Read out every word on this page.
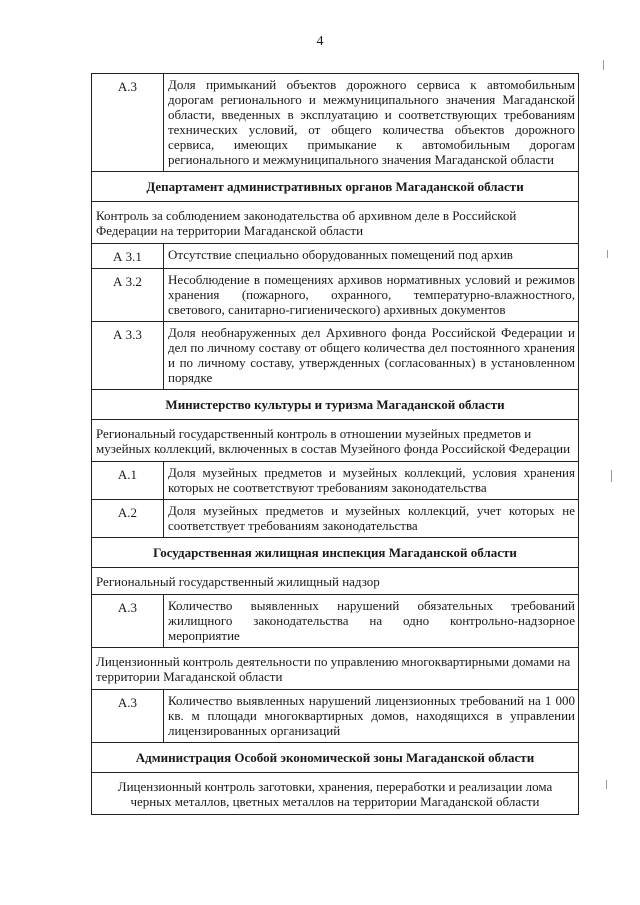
4
А.3	Доля примыканий объектов дорожного сервиса к автомобильным дорогам регионального и межмуниципального значения Магаданской области, введенных в эксплуатацию и соответствующих требованиям технических условий, от общего количества объектов дорожного сервиса, имеющих примыкание к автомобильным дорогам регионального и межмуниципального значения Магаданской области
Департамент административных органов Магаданской области	
Контроль за соблюдением законодательства об архивном деле в Российской Федерации на территории Магаданской области	
А 3.1	Отсутствие специально оборудованных помещений под архив
А 3.2	Несоблюдение в помещениях архивов нормативных условий и режимов хранения (пожарного, охранного, температурно-влажностного, светового, санитарно-гигиенического) архивных документов
А 3.3	Доля необнаруженных дел Архивного фонда Российской Федерации и дел по личному составу от общего количества дел постоянного хранения и по личному составу, утвержденных (согласованных) в установленном порядке
Министерство культуры и туризма Магаданской области	
Региональный государственный контроль в отношении музейных предметов и музейных коллекций, включенных в состав Музейного фонда Российской Федерации	
А.1	Доля музейных предметов и музейных коллекций, условия хранения которых не соответствуют требованиям законодательства
А.2	Доля музейных предметов и музейных коллекций, учет которых не соответствует требованиям законодательства
Государственная жилищная инспекция Магаданской области	
Региональный государственный жилищный надзор	
А.3	Количество выявленных нарушений обязательных требований жилищного законодательства на одно контрольно-надзорное мероприятие
Лицензионный контроль деятельности по управлению многоквартирными домами на территории Магаданской области	
А.3	Количество выявленных нарушений лицензионных требований на 1 000 кв. м площади многоквартирных домов, находящихся в управлении лицензированных организаций
Администрация Особой экономической зоны Магаданской области	
Лицензионный контроль заготовки, хранения, переработки и реализации лома черных металлов, цветных металлов на территории Магаданской области	
